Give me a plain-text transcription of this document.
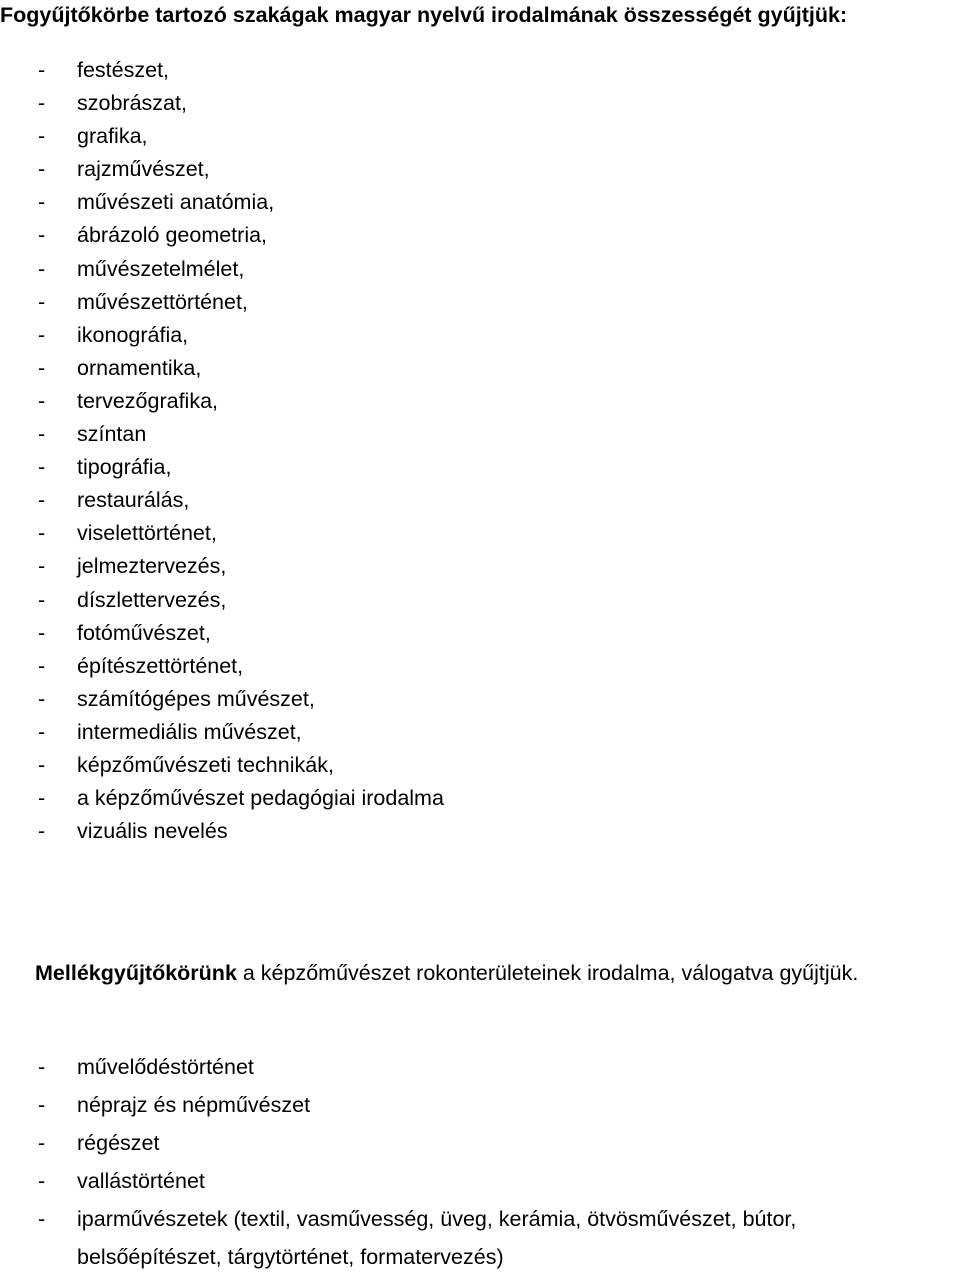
Fogyűjtőkörbe tartozó szakágak magyar nyelvű irodalmának összességét gyűjtjük:
- festészet,
- szobrászat,
- grafika,
- rajzművészet,
- művészeti anatómia,
- ábrázoló geometria,
- művészetelmélet,
- művészettörténet,
- ikonográfia,
- ornamentika,
- tervezőgrafika,
- színtan
- tipográfia,
- restaurálás,
- viselettörténet,
- jelmeztervezés,
- díszlettervezés,
- fotóművészet,
- építészettörténet,
- számítógépes művészet,
- intermediális művészet,
- képzőművészeti technikák,
- a képzőművészet pedagógiai irodalma
- vizuális nevelés

Mellékgyűjtőkörünk a képzőművészet rokonterületeinek irodalma, válogatva gyűjtjük.

- művelődéstörténet
- néprajz és népművészet
- régészet
- vallástörténet
- iparművészetek (textil, vasművesség, üveg, kerámia, ötvösművészet, bútor, belsőépítészet, tárgytörténet, formatervezés)
